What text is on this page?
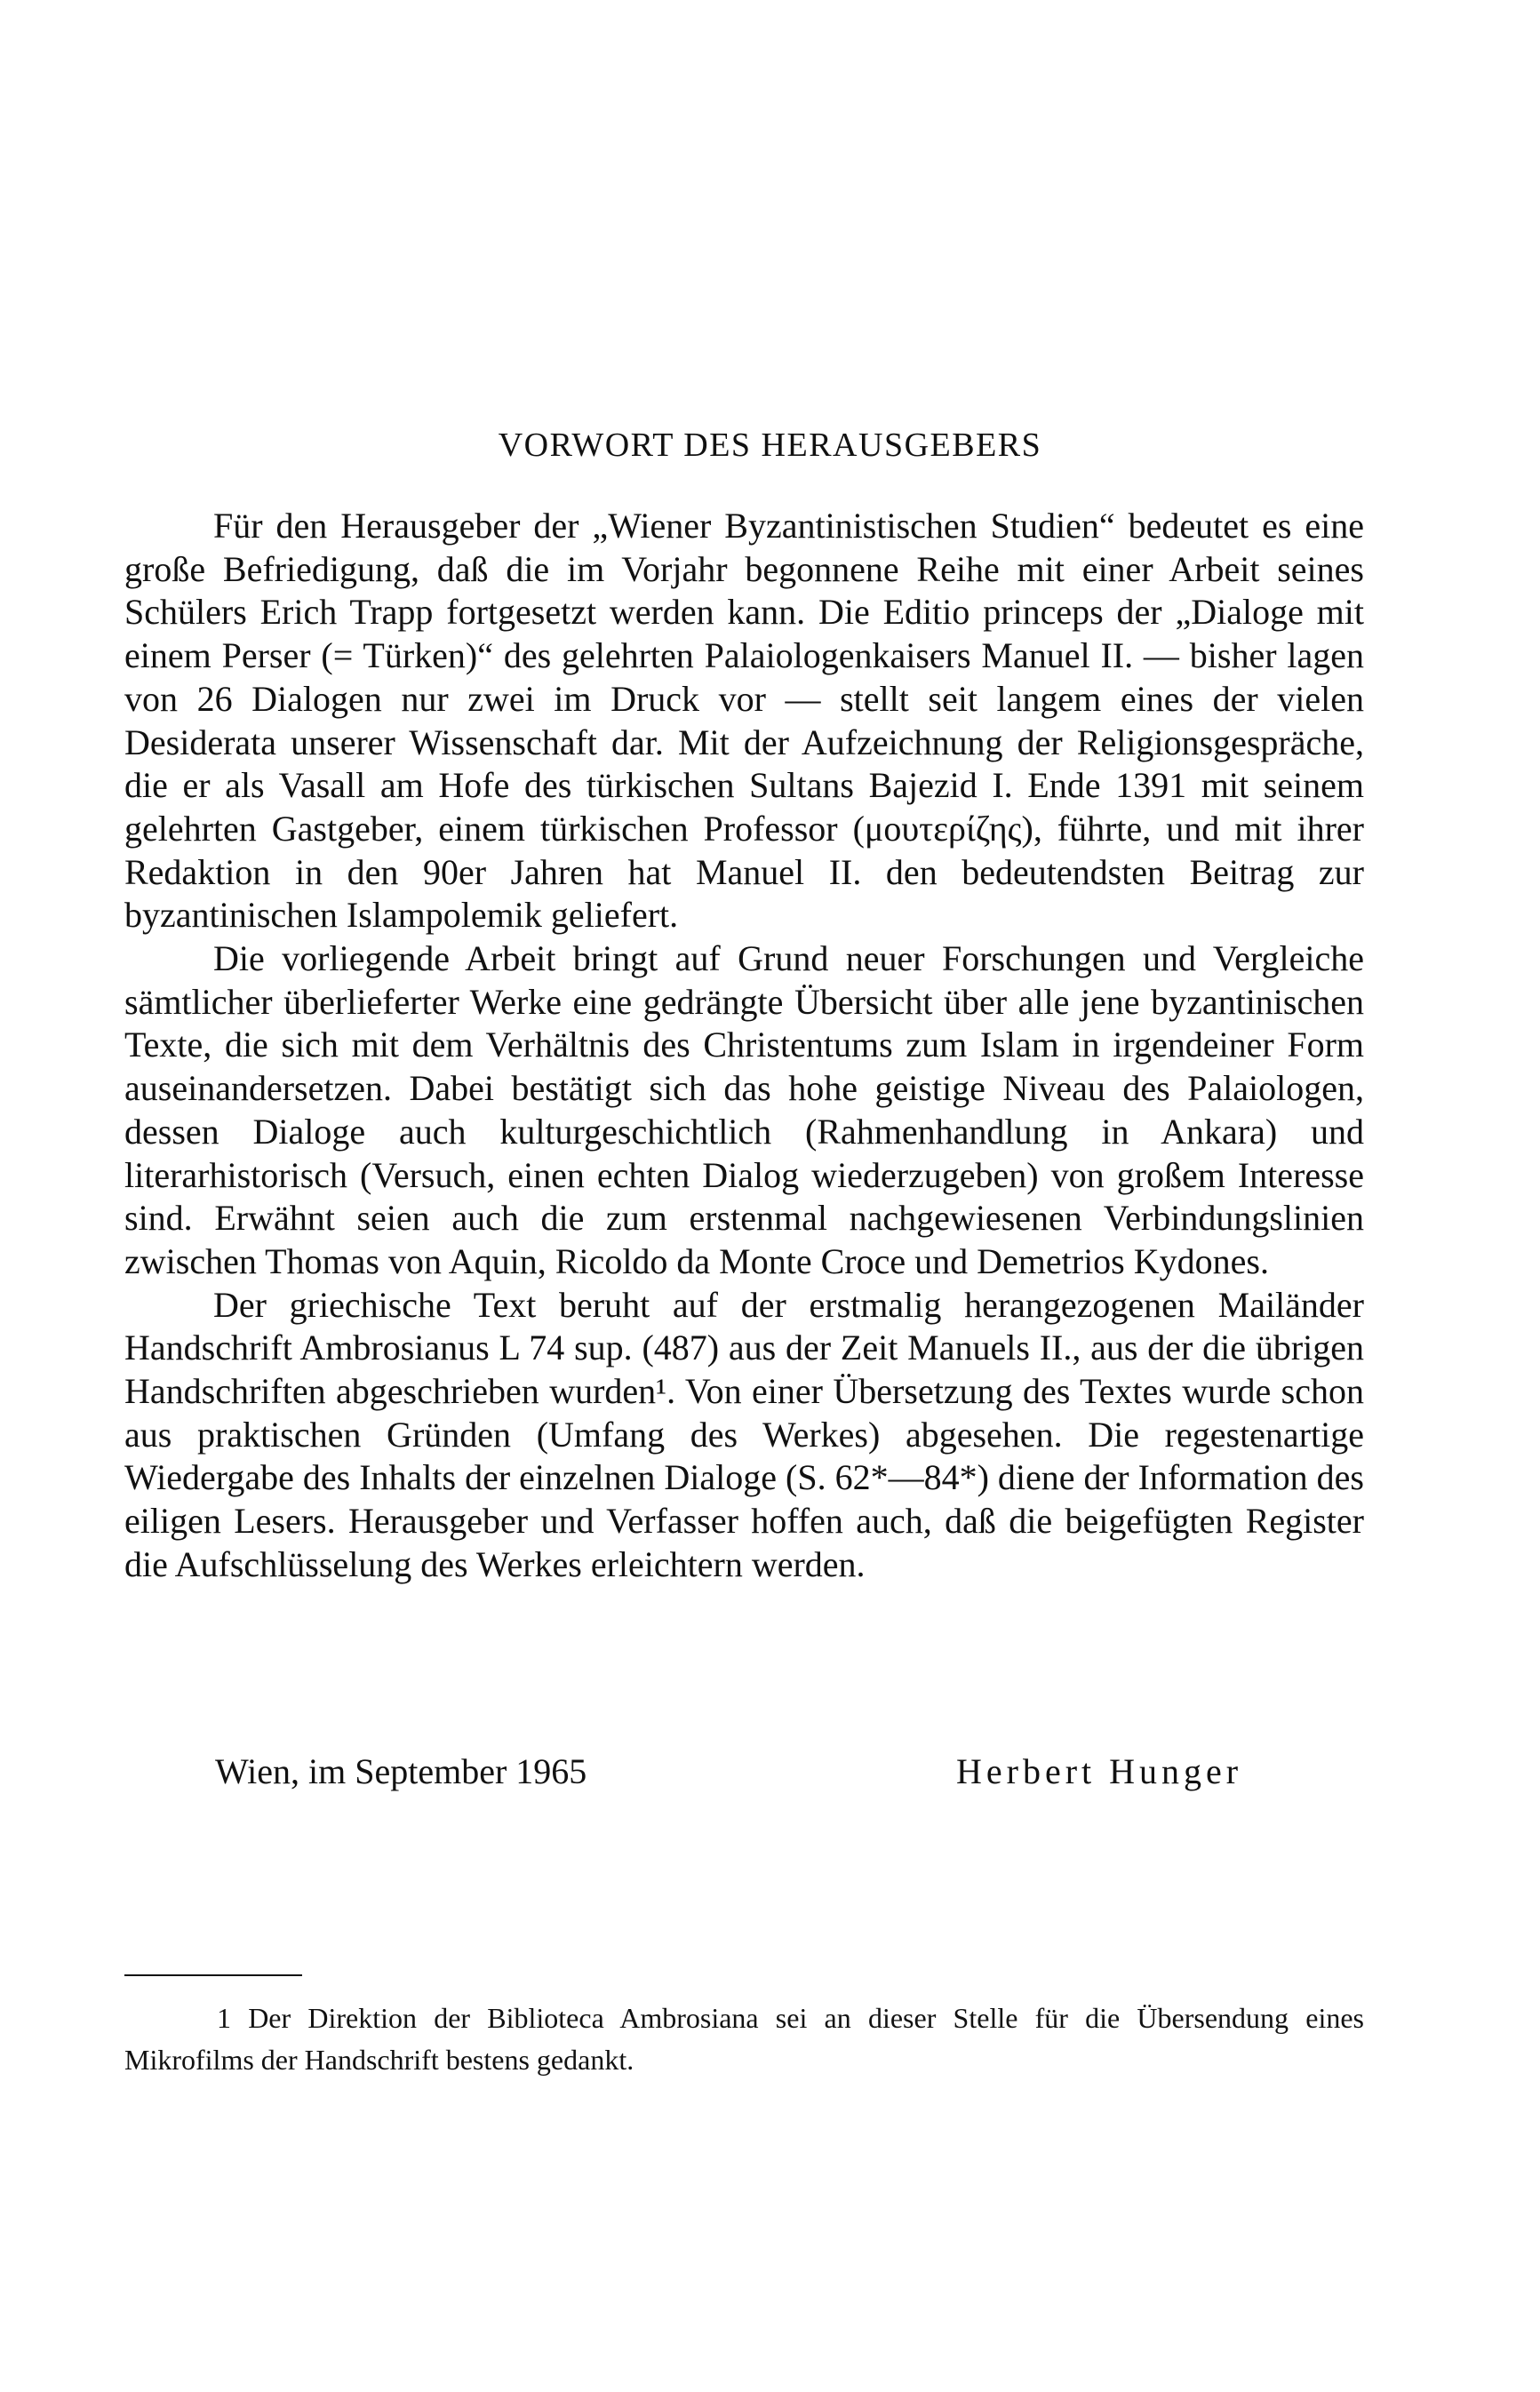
VORWORT DES HERAUSGEBERS

Für den Herausgeber der „Wiener Byzantinistischen Studien“ bedeutet es eine große Befriedigung, daß die im Vorjahr begonnene Reihe mit einer Arbeit seines Schülers Erich Trapp fortgesetzt werden kann. Die Editio princeps der „Dialoge mit einem Perser (= Türken)“ des gelehrten Palaiologenkaisers Manuel II. — bisher lagen von 26 Dialogen nur zwei im Druck vor — stellt seit langem eines der vielen Desiderata unserer Wissenschaft dar. Mit der Aufzeichnung der Religionsgespräche, die er als Vasall am Hofe des türkischen Sultans Bajezid I. Ende 1391 mit seinem gelehrten Gastgeber, einem türkischen Professor (μουτερίζης), führte, und mit ihrer Redaktion in den 90er Jahren hat Manuel II. den bedeutendsten Beitrag zur byzantinischen Islampolemik geliefert.

Die vorliegende Arbeit bringt auf Grund neuer Forschungen und Vergleiche sämtlicher überlieferter Werke eine gedrängte Übersicht über alle jene byzantinischen Texte, die sich mit dem Verhältnis des Christentums zum Islam in irgendeiner Form auseinandersetzen. Dabei bestätigt sich das hohe geistige Niveau des Palaiologen, dessen Dialoge auch kulturgeschichtlich (Rahmenhandlung in Ankara) und literarhistorisch (Versuch, einen echten Dialog wiederzugeben) von großem Interesse sind. Erwähnt seien auch die zum erstenmal nachgewiesenen Verbindungslinien zwischen Thomas von Aquin, Ricoldo da Monte Croce und Demetrios Kydones.

Der griechische Text beruht auf der erstmalig herangezogenen Mailänder Handschrift Ambrosianus L 74 sup. (487) aus der Zeit Manuels II., aus der die übrigen Handschriften abgeschrieben wurden¹. Von einer Übersetzung des Textes wurde schon aus praktischen Gründen (Umfang des Werkes) abgesehen. Die regestenartige Wiedergabe des Inhalts der einzelnen Dialoge (S. 62*—84*) diene der Information des eiligen Lesers. Herausgeber und Verfasser hoffen auch, daß die beigefügten Register die Aufschlüsselung des Werkes erleichtern werden.

Wien, im September 1965	Herbert Hunger
1 Der Direktion der Biblioteca Ambrosiana sei an dieser Stelle für die Übersendung eines Mikrofilms der Handschrift bestens gedankt.
